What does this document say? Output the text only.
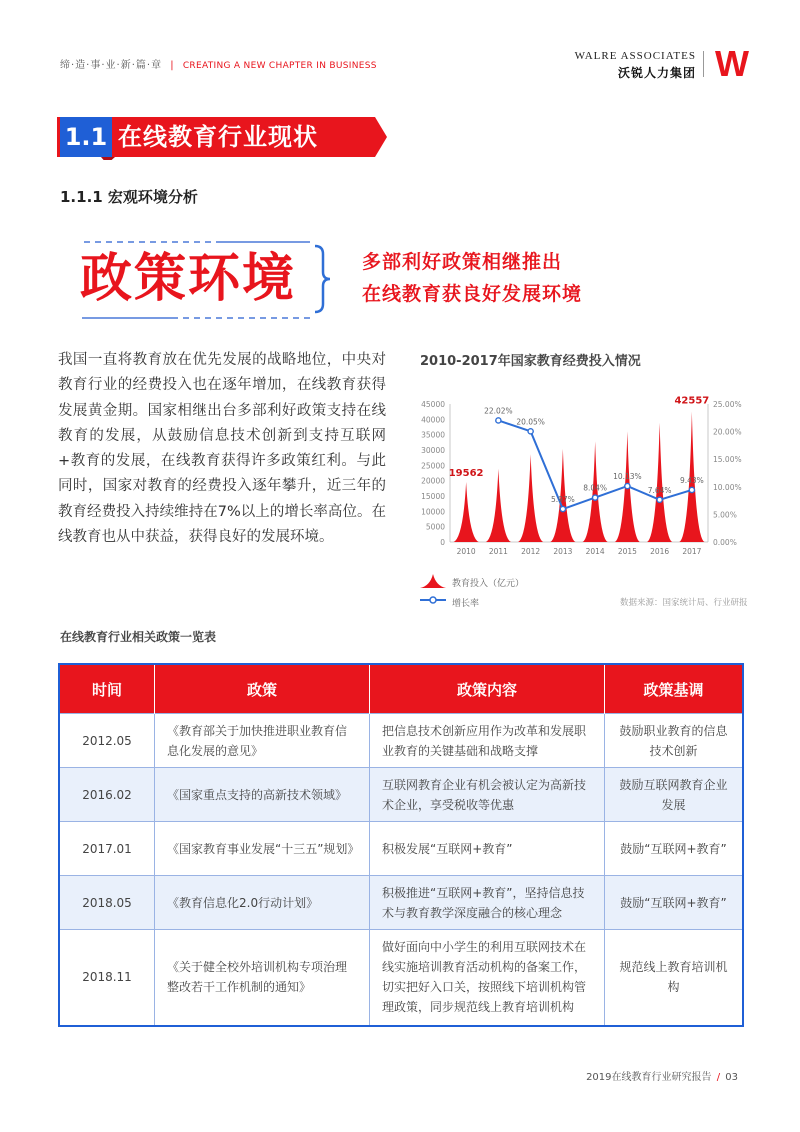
缔·造·事·业·新·篇·章 | CREATING A NEW CHAPTER IN BUSINESS
WALRE ASSOCIATES
沃锐人力集团 W
1.1 在线教育行业现状
1.1.1 宏观环境分析
政策环境	多部利好政策相继推出
在线教育获良好发展环境
我国一直将教育放在优先发展的战略地位，中央对教育行业的经费投入也在逐年增加，在线教育获得发展黄金期。国家相继出台多部利好政策支持在线教育的发展，从鼓励信息技术创新到支持互联网+教育的发展，在线教育获得许多政策红利。与此同时，国家对教育的经费投入逐年攀升，近三年的教育经费投入持续维持在7%以上的增长率高位。在线教育也从中获益，获得良好的发展环境。
2010-2017年国家教育经费投入情况
45000
40000
35000
30000
25000
20000
15000
10000
5000
0
25.00%
20.00%
15.00%
10.00%
5.00%
0.00%
2010 2011 2012 2013 2014 2015 2016 2017
19562
42557
22.02%
20.05%
5.97%
8.04%
10.13%
7.64%
9.43%
教育投入（亿元）
增长率	数据来源：国家统计局、行业研报
在线教育行业相关政策一览表
时间	政策	政策内容	政策基调
2012.05	《教育部关于加快推进职业教育信息化发展的意见》	把信息技术创新应用作为改革和发展职业教育的关键基础和战略支撑	鼓励职业教育的信息技术创新
2016.02	《国家重点支持的高新技术领域》	互联网教育企业有机会被认定为高新技术企业，享受税收等优惠	鼓励互联网教育企业发展
2017.01	《国家教育事业发展“十三五”规划》	积极发展“互联网+教育”	鼓励“互联网+教育”
2018.05	《教育信息化2.0行动计划》	积极推进“互联网+教育”，坚持信息技术与教育教学深度融合的核心理念	鼓励“互联网+教育”
2018.11	《关于健全校外培训机构专项治理整改若干工作机制的通知》	做好面向中小学生的利用互联网技术在线实施培训教育活动机构的备案工作，切实把好入口关，按照线下培训机构管理政策，同步规范线上教育培训机构	规范线上教育培训机构
2019在线教育行业研究报告 / 03
